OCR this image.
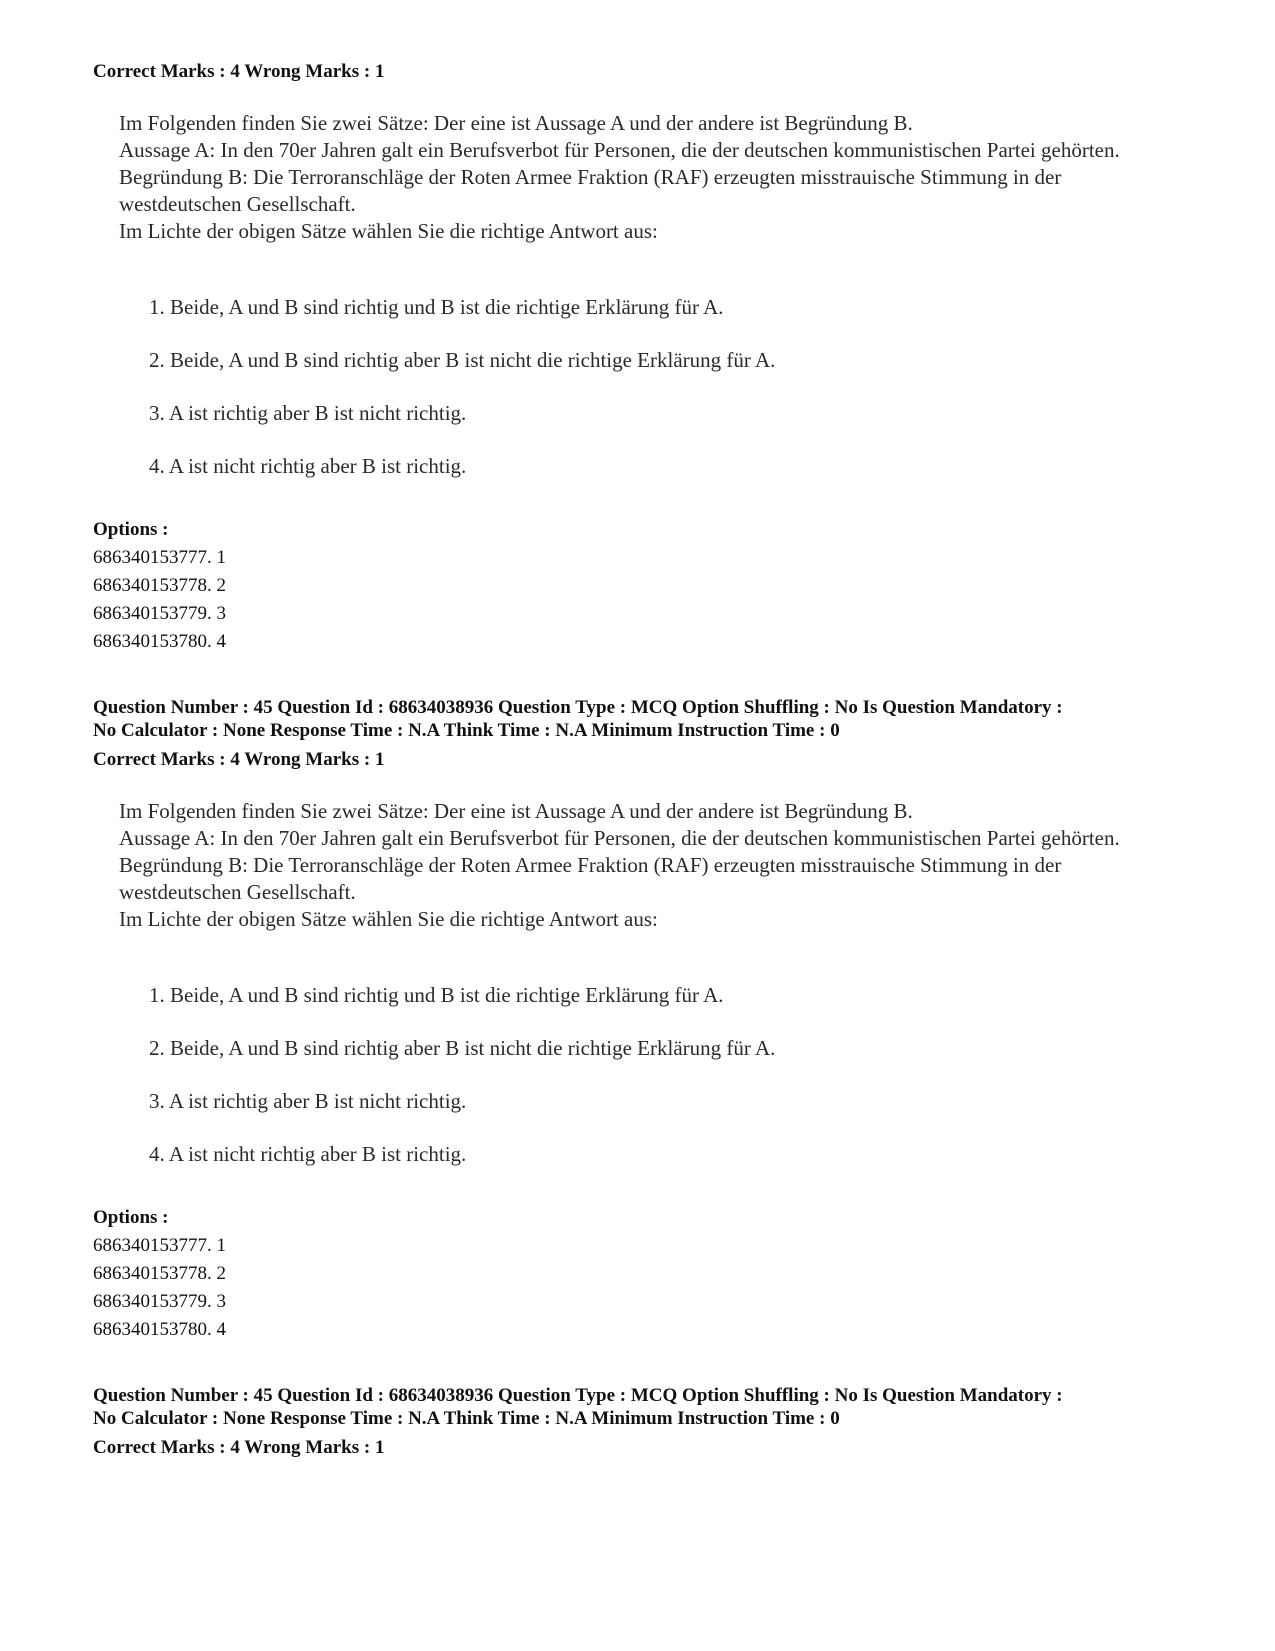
Correct Marks : 4 Wrong Marks : 1

Im Folgenden finden Sie zwei Sätze: Der eine ist Aussage A und der andere ist Begründung B.

Aussage A: In den 70er Jahren galt ein Berufsverbot für Personen, die der deutschen kommunistischen Partei gehörten.

Begründung B: Die Terroranschläge der Roten Armee Fraktion (RAF) erzeugten misstrauische Stimmung in der westdeutschen Gesellschaft.

Im Lichte der obigen Sätze wählen Sie die richtige Antwort aus:

1. Beide, A und B sind richtig und B ist die richtige Erklärung für A.
2. Beide, A und B sind richtig aber B ist nicht die richtige Erklärung für A.
3. A ist richtig aber B ist nicht richtig.
4. A ist nicht richtig aber B ist richtig.
Options :
686340153777. 1
686340153778. 2
686340153779. 3
686340153780. 4
Question Number : 45 Question Id : 68634038936 Question Type : MCQ Option Shuffling : No Is Question Mandatory :
No Calculator : None Response Time : N.A Think Time : N.A Minimum Instruction Time : 0
Correct Marks : 4 Wrong Marks : 1

Im Folgenden finden Sie zwei Sätze: Der eine ist Aussage A und der andere ist Begründung B.

Aussage A: In den 70er Jahren galt ein Berufsverbot für Personen, die der deutschen kommunistischen Partei gehörten.

Begründung B: Die Terroranschläge der Roten Armee Fraktion (RAF) erzeugten misstrauische Stimmung in der westdeutschen Gesellschaft.

Im Lichte der obigen Sätze wählen Sie die richtige Antwort aus:

1. Beide, A und B sind richtig und B ist die richtige Erklärung für A.
2. Beide, A und B sind richtig aber B ist nicht die richtige Erklärung für A.
3. A ist richtig aber B ist nicht richtig.
4. A ist nicht richtig aber B ist richtig.
Options :
686340153777. 1
686340153778. 2
686340153779. 3
686340153780. 4
Question Number : 45 Question Id : 68634038936 Question Type : MCQ Option Shuffling : No Is Question Mandatory :
No Calculator : None Response Time : N.A Think Time : N.A Minimum Instruction Time : 0
Correct Marks : 4 Wrong Marks : 1
